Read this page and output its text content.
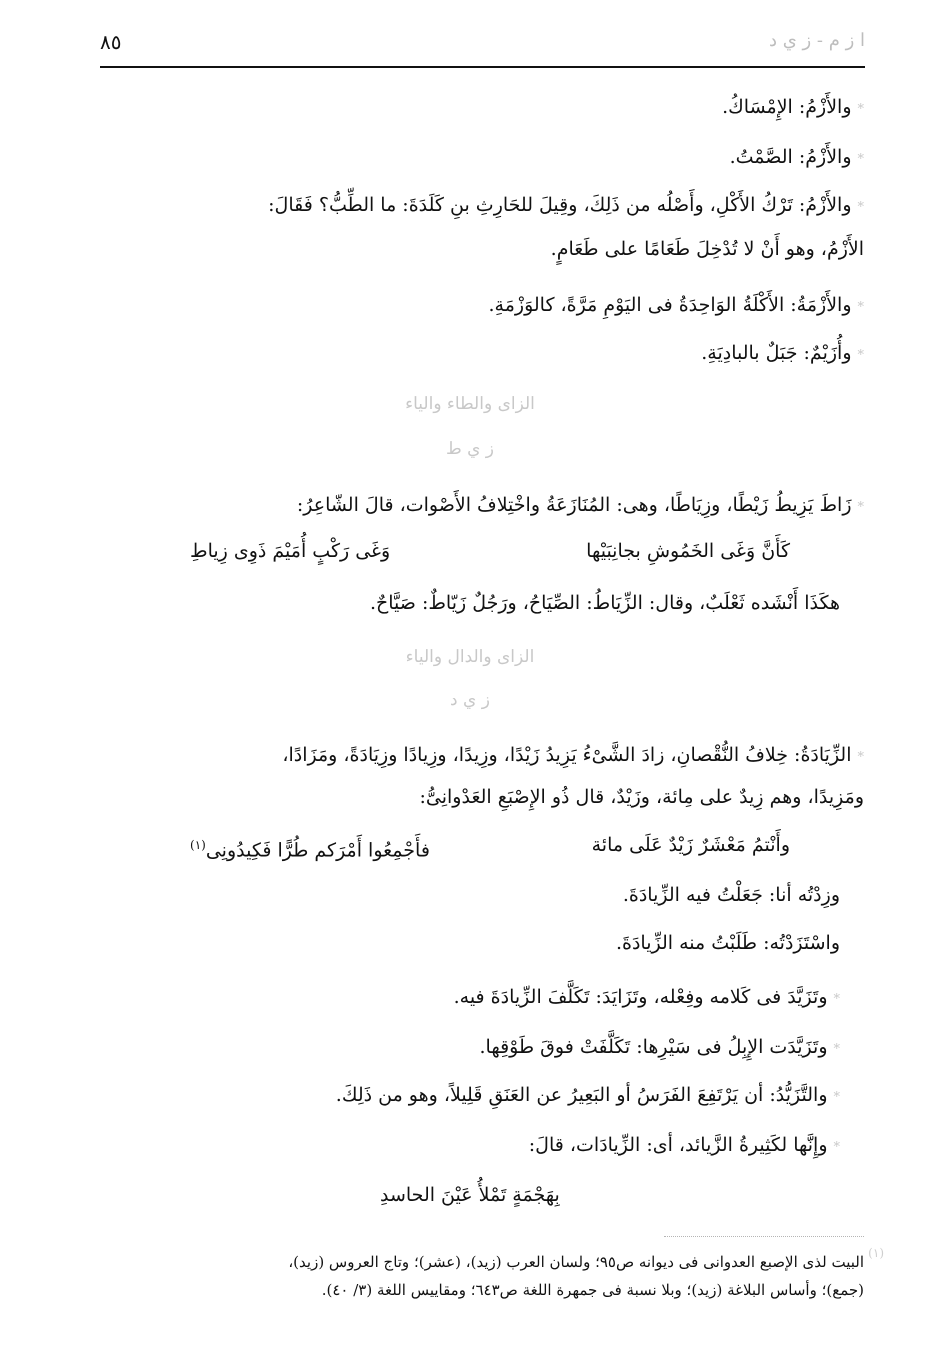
٨٥	ا ز م - ز ي د
*والأَزْمُ: الإِمْسَاكُ.
*والأَزْمُ: الصَّمْتُ.
*والأَزْمُ: تَرْكُ الأَكْلِ، وأَصْلُه من ذَلِكَ، وقِيلَ للحَارِثِ بنِ كَلَدَةَ: ما الطِّبُّ؟ فَقَالَ:
الأَزْمُ، وهو أَنْ لا تُدْخِلَ طَعَامًا على طَعَامٍ.
*والأَزْمَةُ: الأَكْلَةُ الوَاحِدَةُ فى اليَوْمِ مَرَّةً، كالوَزْمَةِ.
*وأُزَيْمٌ: جَبَلٌ بالبادِيَةِ.
الزاى والطاء والياء
ز ي ط
*زَاطَ يَزِيطُ زَيْطًا، وزِيَاطًا، وهى: المُنَازَعَةُ واخْتِلافُ الأَصْوات، قالَ الشّاعِرُ:
كَأَنَّ وَغَى الخَمُوشِ بجانِبَيْها
وَغَى رَكْبٍ أُمَيْمَ ذَوِى زِياطِ
هكَذَا أَنْشَده ثَعْلَبٌ، وقال: الزِّيَاطُ: الصِّيَاحُ، ورَجُلٌ زَيّاطٌ: صَيَّاحٌ.
الزاى والدال والياء
ز ي د
*الزِّيَادَةُ: خِلافُ النُّقْصانِ، زادَ الشَّىْءُ يَزِيدُ زَيْدًا، وزِيدًا، وزِيادًا وزِيَادَةً، ومَزَادًا،
ومَزِيدًا، وهم زِيدٌ على مِائة، وزَيْدٌ، قال ذُو الإِصْبَعِ العَدْوانِىُّ:
وأَنْتمُ مَعْشَرٌ زَيْدٌ عَلَى مائة
فأَجْمِعُوا أَمْرَكم طُرًّا فَكِيدُونِى$^{(١)}$
وزِدْتُه أنا: جَعَلْتُ فيه الزِّيادَةَ.
واسْتَزَدْتُه: طَلَبْتُ منه الزِّيادَةَ.
*وتَزَيَّدَ فى كَلامه وفِعْله، وتَزَايَدَ: تَكَلَّفَ الزِّيادَةَ فيه.
*وتَزَيَّدَت الإِبِلُ فى سَيْرِها: تَكَلَّفَتْ فوقَ طَوْقِها.
*والتَّزَيُّدُ: أن يَرْتَفِعَ الفَرَسُ أو البَعِيرُ عن العَنَقِ قَلِيلاً، وهو من ذَلِكَ.
*وإِنَّها لكَثِيرةُ الزَّيائد، أى: الزِّيادَات، قالَ:
بِهَجْمَةٍ تَمْلأُ عَيْنَ الحاسدِ
(١)
البيت لذى الإصبع العدوانى فى ديوانه ص٩٥؛ ولسان العرب (زيد)، (عشر)؛ وتاج العروس (زيد)،
(جمع)؛ وأساس البلاغة (زيد)؛ وبلا نسبة فى جمهرة اللغة ص٦٤٣؛ ومقاييس اللغة (٣/ ٤٠).
